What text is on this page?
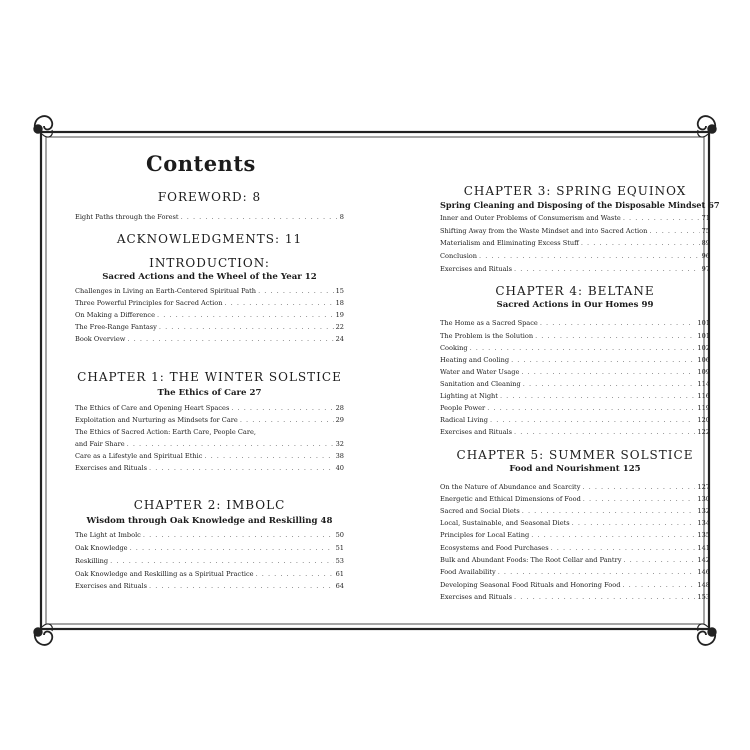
Contents
FOREWORD: 8
Eight Paths through the Forest . . .	8
ACKNOWLEDGMENTS: 11
INTRODUCTION:
Sacred Actions and the Wheel of the Year 12
Challenges in Living an Earth-Centered Spiritual Path . . .	15
Three Powerful Principles for Sacred Action . . .	18
On Making a Difference . . .	19
The Free-Range Fantasy . . .	22
Book Overview . . .	24
CHAPTER 1: THE WINTER SOLSTICE
The Ethics of Care 27
The Ethics of Care and Opening Heart Spaces . . .	28
Exploitation and Nurturing as Mindsets for Care . . .	29
The Ethics of Sacred Action: Earth Care, People Care,
and Fair Share . . .	32
Care as a Lifestyle and Spiritual Ethic . . .	38
Exercises and Rituals . . .	40
CHAPTER 2: IMBOLC
Wisdom through Oak Knowledge and Reskilling 48
The Light at Imbolc . . .	50
Oak Knowledge . . .	51
Reskilling . . .	53
Oak Knowledge and Reskilling as a Spiritual Practice . . .	61
Exercises and Rituals . . .	64
CHAPTER 3: SPRING EQUINOX
Spring Cleaning and Disposing of the Disposable Mindset 67
Inner and Outer Problems of Consumerism and Waste . . .	71
Shifting Away from the Waste Mindset and into Sacred Action . . .	75
Materialism and Eliminating Excess Stuff . . .	89
Conclusion . . .	96
Exercises and Rituals . . .	97
CHAPTER 4: BELTANE
Sacred Actions in Our Homes 99
The Home as a Sacred Space . . .	101
The Problem is the Solution . . .	101
Cooking . . .	102
Heating and Cooling . . .	106
Water and Water Usage . . .	109
Sanitation and Cleaning . . .	114
Lighting at Night . . .	116
People Power . . .	119
Radical Living . . .	120
Exercises and Rituals . . .	122
CHAPTER 5: SUMMER SOLSTICE
Food and Nourishment 125
On the Nature of Abundance and Scarcity . . .	127
Energetic and Ethical Dimensions of Food . . .	130
Sacred and Social Diets . . .	132
Local, Sustainable, and Seasonal Diets . . .	134
Principles for Local Eating . . .	135
Ecosystems and Food Purchases . . .	141
Bulk and Abundant Foods: The Root Cellar and Pantry . . .	142
Food Availability . . .	146
Developing Seasonal Food Rituals and Honoring Food . . .	148
Exercises and Rituals . . .	153
